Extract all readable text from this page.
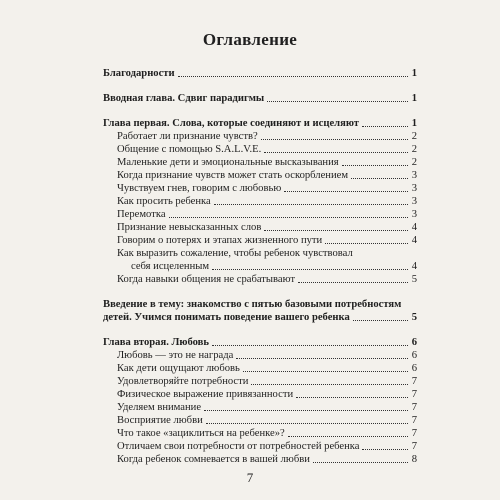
Оглавление
Благодарности	1
Вводная глава. Сдвиг парадигмы	1
Глава первая. Слова, которые соединяют и исцеляют	1
Работает ли признание чувств?	2
Общение с помощью S.A.L.V.E.	2
Маленькие дети и эмоциональные высказывания	2
Когда признание чувств может стать оскорблением	3
Чувствуем гнев, говорим с любовью	3
Как просить ребенка	3
Перемотка	3
Признание невысказанных слов	4
Говорим о потерях и этапах жизненного пути	4
Как выразить сожаление, чтобы ребенок чувствовал
себя исцеленным	4
Когда навыки общения не срабатывают	5
Введение в тему: знакомство с пятью базовыми потребностям
детей. Учимся понимать поведение вашего ребенка	5
Глава вторая. Любовь	6
Любовь — это не награда	6
Как дети ощущают любовь	6
Удовлетворяйте потребности	7
Физическое выражение привязанности	7
Уделяем внимание	7
Восприятие любви	7
Что такое «зациклиться на ребенке»?	7
Отличаем свои потребности от потребностей ребенка	7
Когда ребенок сомневается в вашей любви	8
7
